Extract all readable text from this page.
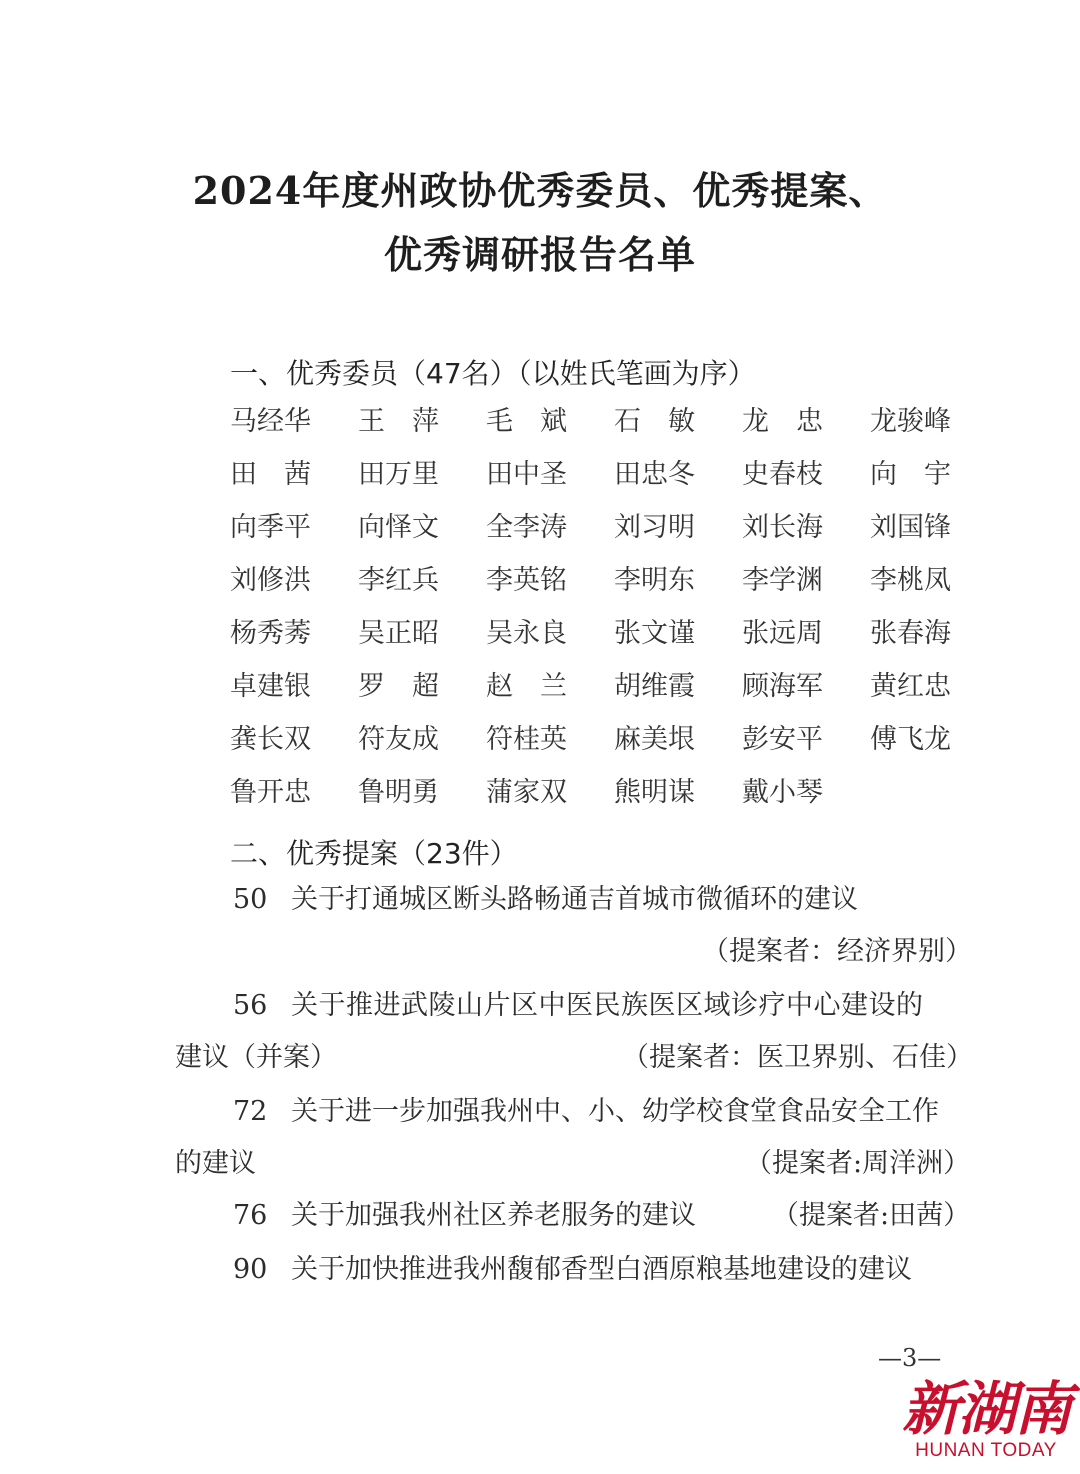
2024年度州政协优秀委员、优秀提案、
优秀调研报告名单
一、优秀委员（47名）（以姓氏笔画为序）
马经华	王　萍	毛　斌	石　敏	龙　忠	龙骏峰
田　茜	田万里	田中圣	田忠冬	史春枝	向　宇
向季平	向怿文	全李涛	刘习明	刘长海	刘国锋
刘修洪	李红兵	李英铭	李明东	李学渊	李桃凤
杨秀莠	吴正昭	吴永良	张文谨	张远周	张春海
卓建银	罗　超	赵　兰	胡维霞	顾海军	黄红忠
龚长双	符友成	符桂英	麻美垠	彭安平	傅飞龙
鲁开忠	鲁明勇	蒲家双	熊明谋	戴小琴
二、优秀提案（23件）
50 关于打通城区断头路畅通吉首城市微循环的建议
（提案者：经济界别）
56 关于推进武陵山片区中医民族医区域诊疗中心建设的
建议（并案）	（提案者：医卫界别、石佳）
72 关于进一步加强我州中、小、幼学校食堂食品安全工作
的建议	（提案者:周洋洲）
76 关于加强我州社区养老服务的建议	（提案者:田茜）
90 关于加快推进我州馥郁香型白酒原粮基地建设的建议
—3—
新湖南
HUNAN TODAY
